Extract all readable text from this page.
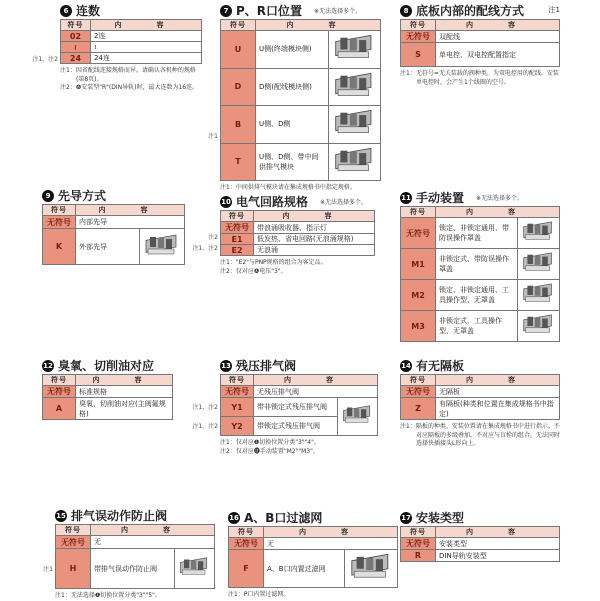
6 连数
符号	内　容
02	2连
≀	≀
24	24连
注1：因省配线连接规格而异。请确认各机种的规格(第8页)。
注2：❻安装型"R"(DIN导轨)时，最大连数为16连。
注1、注2
7 P、R口位置 ※无法选择多个。
符号	内　容	
U	U侧(终端模块侧)	
D	D侧(配线模块侧)	
B	U侧、D侧	
T	U侧、D侧、带中间供排气模块	
注1：中间供排气模块请在集成规格书中指定规格。
注1
8 底板内部的配线方式	注1
符号	内　容
无符号	双配线
S	单电控、双电控配置指定
注1：无符号=无关装载的阀种类，为双电控用的配线。安装单电控时，会产生1个线圈的空号。
9 先导方式
符号	内　容	
无符号	内部先导	
K	外部先导	
10 电气回路规格 ※无法选择多个。
符号	内　容
无符号	带浪涌吸收器、指示灯
E1	低发热、省电回路(无浪涌规格)
E2	无浪涌
注1："E2"与PNP规格的组合为客定品。
注2：仅对应❹电压"3"。
注2
注1、注2
11 手动装置 ※无法选择多个。
符号	内　容	
无符号	锁定、非锁定通用、带防误操作罩盖	
M1	非锁定式、带防误操作罩盖	
M2	锁定、非锁定通用、工具操作型、无罩盖	
M3	非锁定式、工具操作型、无罩盖	
12 臭氧、切削油对应
符号	内　容
无符号	标准规格
A	臭氧、切削油对应(主阀氟规格)
13 残压排气阀
符号	内　容	
无符号	无残压排气阀	
Y1	带非锁定式残压排气阀	
Y2	带锁定式残压排气阀	
注1：仅对应❶切换位置分类"3""4"。
注2：仅对应⓫手动装置"M2""M3"。
注1、注2
注1、注2
14 有无隔板
符号	内　容
无符号	无隔板
Z	有隔板(种类和位置在集成规格书中指定)
注1：隔板的种类、安装位置请在集成规格书中进行指示。不对应隔板的多级叠加。不对应与盲栓的组合。无法同时选择快插接头L形向上。
15 排气误动作防止阀
符号	内　容	
无符号	无	
H	带排气误动作防止阀	
注1：无法选择❶切换位置分类"3""5"。
注1
16 A、B口过滤网
符号	内　容	
无符号	无	
F	A、B口内置过滤网	
注1：P口内置过滤网。
17 安装类型
符号	内　容
无符号	安装类型
R	DIN导轨安装型
